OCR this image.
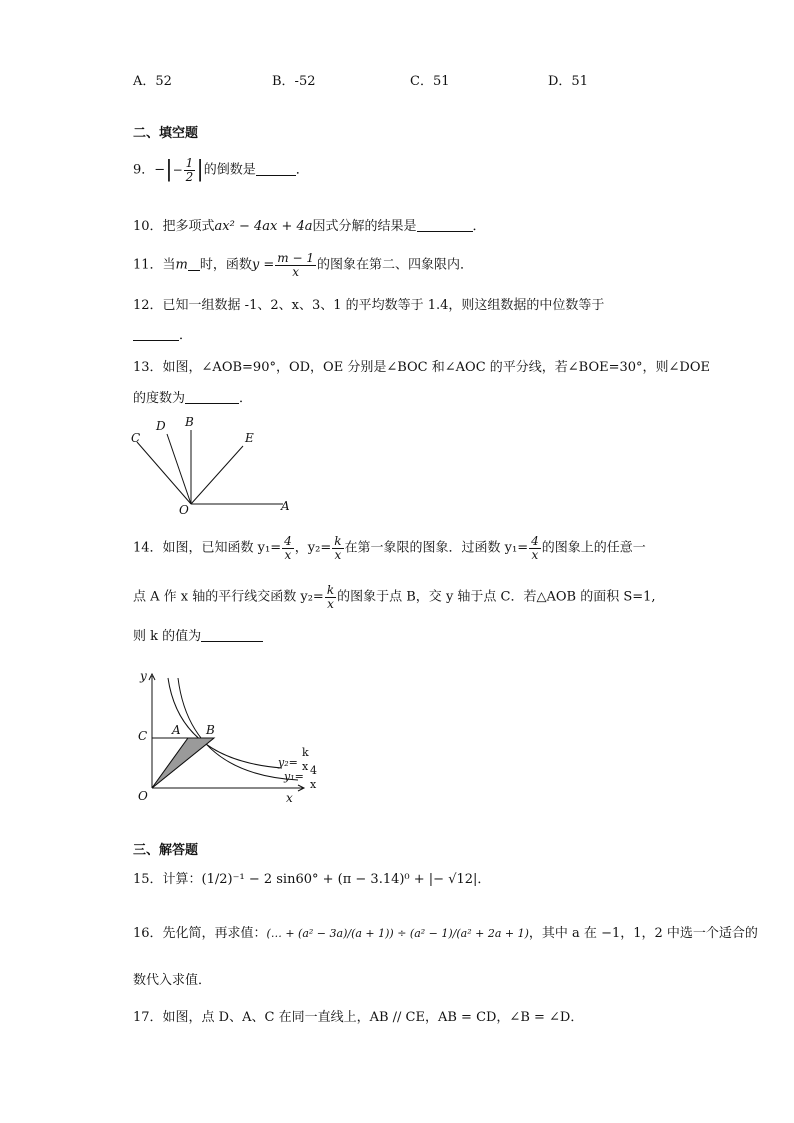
A．52	B．-52	C．51	D．51
二、填空题
9．−|− $\frac{1}{2}$ |的倒数是	．
10．把多项式ax² − 4ax + 4a因式分解的结果是	．
11．当m 时，函数$y = \frac{m - 1}{x}$ 的图象在第二、四象限内．
12．已知一组数据 -1、2、x、3、1 的平均数等于 1.4，则这组数据的中位数等于
．
13．如图，∠AOB=90°，OD，OE 分别是∠BOC 和∠AOC 的平分线，若∠BOE=30°，则∠DOE
的度数为	．
C
D B
E
O	A
14．如图，已知函数 $y_1= \frac{4}{x}$ ，$y_2= \frac{k}{x}$ 在第一象限的图象．过函数 $y_1= \frac{4}{x}$ 的图象上的任意一
点 A 作 x 轴的平行线交函数 $y_2= \frac{k}{x}$ 的图象于点 B，交 y 轴于点 C．若△AOB 的面积 S=1,
则 k 的值为
y
x
O
C A B
y₂=
k
x
y₁= 4
x
三、解答题
15．计算：(1/2)⁻¹ − 2 sin60° + (π − 3.14)⁰ + |− √12|．
16．先化简，再求值：(… + (a² − 3a)/(a + 1)) ÷ (a² − 1)/(a² + 2a + 1)，其中 a 在 −1，1，2 中选一个适合的
数代入求值．
17．如图，点 D、A、C 在同一直线上，AB // CE，AB = CD，∠B = ∠D．
